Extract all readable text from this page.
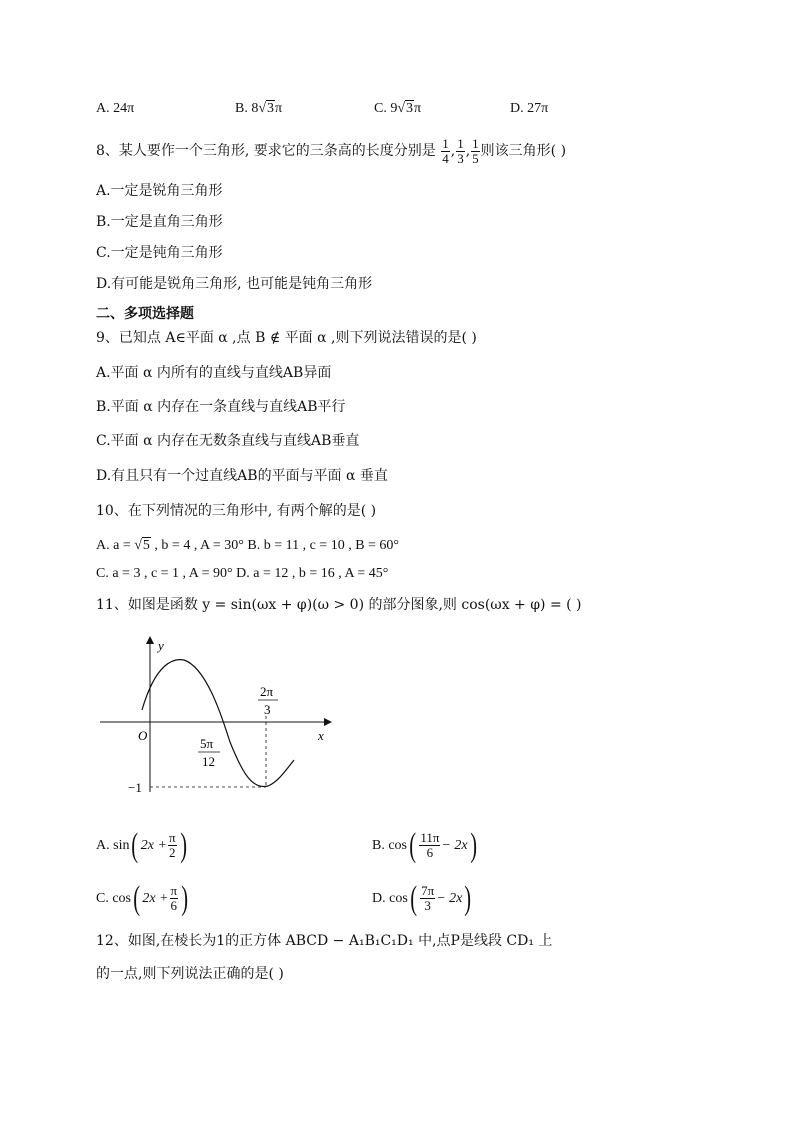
A. 24π	B. 8√3π	C. 9√3π	D. 27π
8、某人要作一个三角形, 要求它的三条高的长度分别是 $\frac{1}{4}$ , $\frac{1}{3}$ , $\frac{1}{5}$ 则该三角形( )
A.一定是锐角三角形
B.一定是直角三角形
C.一定是钝角三角形
D.有可能是锐角三角形, 也可能是钝角三角形
二、多项选择题
9、已知点 A∈平面 α ,点 B ∉ 平面 α ,则下列说法错误的是( )
A.平面 α 内所有的直线与直线AB异面
B.平面 α 内存在一条直线与直线AB平行
C.平面 α 内存在无数条直线与直线AB垂直
D.有且只有一个过直线AB的平面与平面 α 垂直
10、在下列情况的三角形中, 有两个解的是( )
A. a = √5 , b = 4 , A = 30° B. b = 11 , c = 10 , B = 60°
C. a = 3 , c = 1 , A = 90° D. a = 12 , b = 16 , A = 45°
11、如图是函数 y = sin(ωx + φ)(ω > 0) 的部分图象,则 cos(ωx + φ) = ( )
y
x
O
−1
2π
3
5π
12
A. sin( $2x + \frac{\pi}{2}$ )	B. $\cos( \frac{11\pi}{6} - 2x)$
C. cos( $2x + \frac{\pi}{6}$ )	D. $\cos( \frac{7\pi}{3} - 2x)$
12、如图,在棱长为1的正方体 ABCD − A₁B₁C₁D₁ 中,点P是线段 CD₁ 上
的一点,则下列说法正确的是( )
